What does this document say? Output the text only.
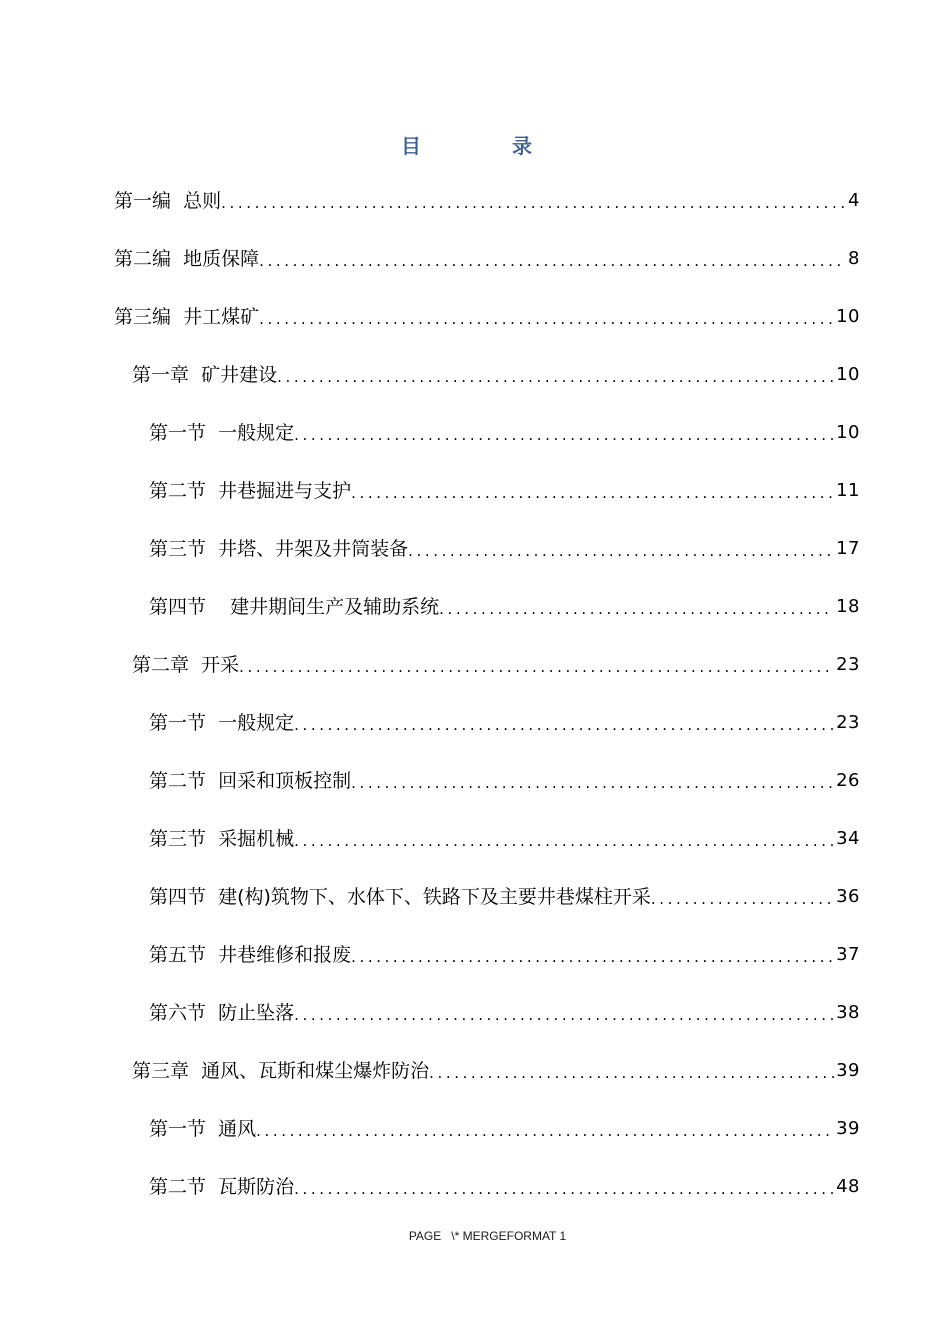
目 录
第一编  总则 .....	4
第二编  地质保障 .....	8
第三编  井工煤矿 .....	10
第一章  矿井建设 .....	10
第一节  一般规定 .....	10
第二节  井巷掘进与支护 .....	11
第三节  井塔、井架及井筒装备 .....	17
第四节    建井期间生产及辅助系统 .....	18
第二章  开采 .....	23
第一节  一般规定 .....	23
第二节  回采和顶板控制 .....	26
第三节  采掘机械 .....	34
第四节  建(构)筑物下、水体下、铁路下及主要井巷煤柱开采 .....	36
第五节  井巷维修和报废 .....	37
第六节  防止坠落 .....	38
第三章  通风、瓦斯和煤尘爆炸防治 .....	39
第一节  通风 .....	39
第二节  瓦斯防治 .....	48
PAGE   \* MERGEFORMAT 1
